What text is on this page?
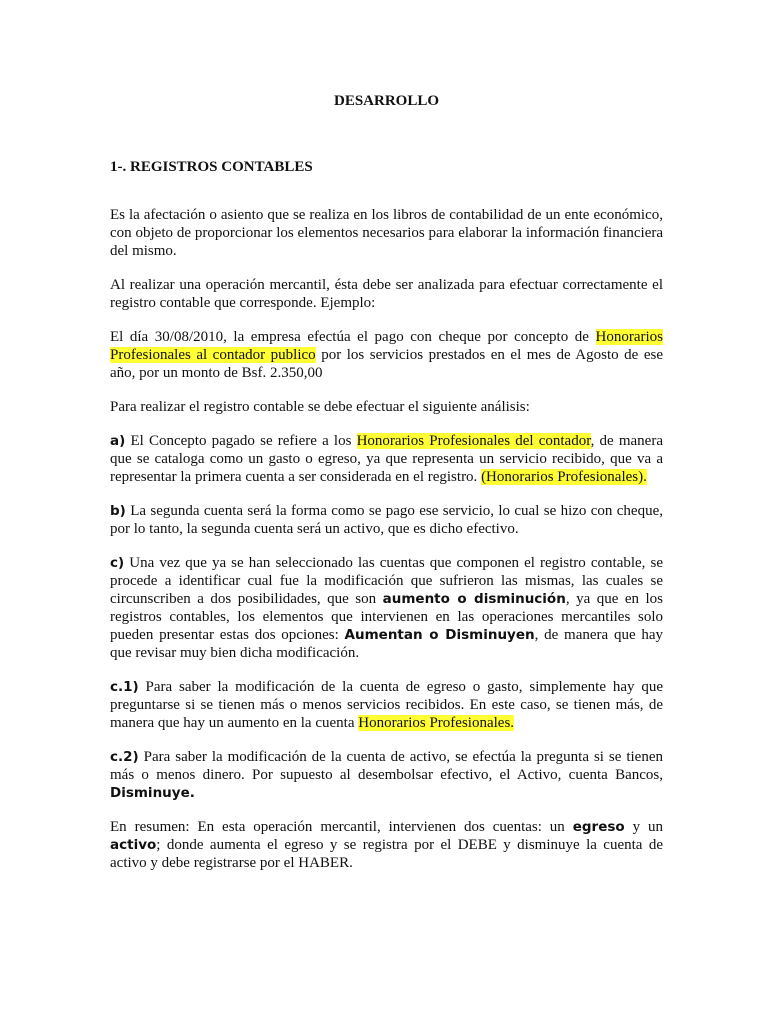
DESARROLLO
1-. REGISTROS CONTABLES

Es la afectación o asiento que se realiza en los libros de contabilidad de un ente económico, con objeto de proporcionar los elementos necesarios para elaborar la información financiera del mismo.

Al realizar una operación mercantil, ésta debe ser analizada para efectuar correctamente el registro contable que corresponde. Ejemplo:

El día 30/08/2010, la empresa efectúa el pago con cheque por concepto de Honorarios Profesionales al contador publico por los servicios prestados en el mes de Agosto de ese año, por un monto de Bsf. 2.350,00

Para realizar el registro contable se debe efectuar el siguiente análisis:

a) El Concepto pagado se refiere a los Honorarios Profesionales del contador, de manera que se cataloga como un gasto o egreso, ya que representa un servicio recibido, que va a representar la primera cuenta a ser considerada en el registro. (Honorarios Profesionales).

b) La segunda cuenta será la forma como se pago ese servicio, lo cual se hizo con cheque, por lo tanto, la segunda cuenta será un activo, que es dicho efectivo.

c) Una vez que ya se han seleccionado las cuentas que componen el registro contable, se procede a identificar cual fue la modificación que sufrieron las mismas, las cuales se circunscriben a dos posibilidades, que son aumento o disminución, ya que en los registros contables, los elementos que intervienen en las operaciones mercantiles solo pueden presentar estas dos opciones: Aumentan o Disminuyen, de manera que hay que revisar muy bien dicha modificación.

c.1) Para saber la modificación de la cuenta de egreso o gasto, simplemente hay que preguntarse si se tienen más o menos servicios recibidos. En este caso, se tienen más, de manera que hay un aumento en la cuenta Honorarios Profesionales.

c.2) Para saber la modificación de la cuenta de activo, se efectúa la pregunta si se tienen más o menos dinero. Por supuesto al desembolsar efectivo, el Activo, cuenta Bancos, Disminuye.

En resumen: En esta operación mercantil, intervienen dos cuentas: un egreso y un activo; donde aumenta el egreso y se registra por el DEBE y disminuye la cuenta de activo y debe registrarse por el HABER.
